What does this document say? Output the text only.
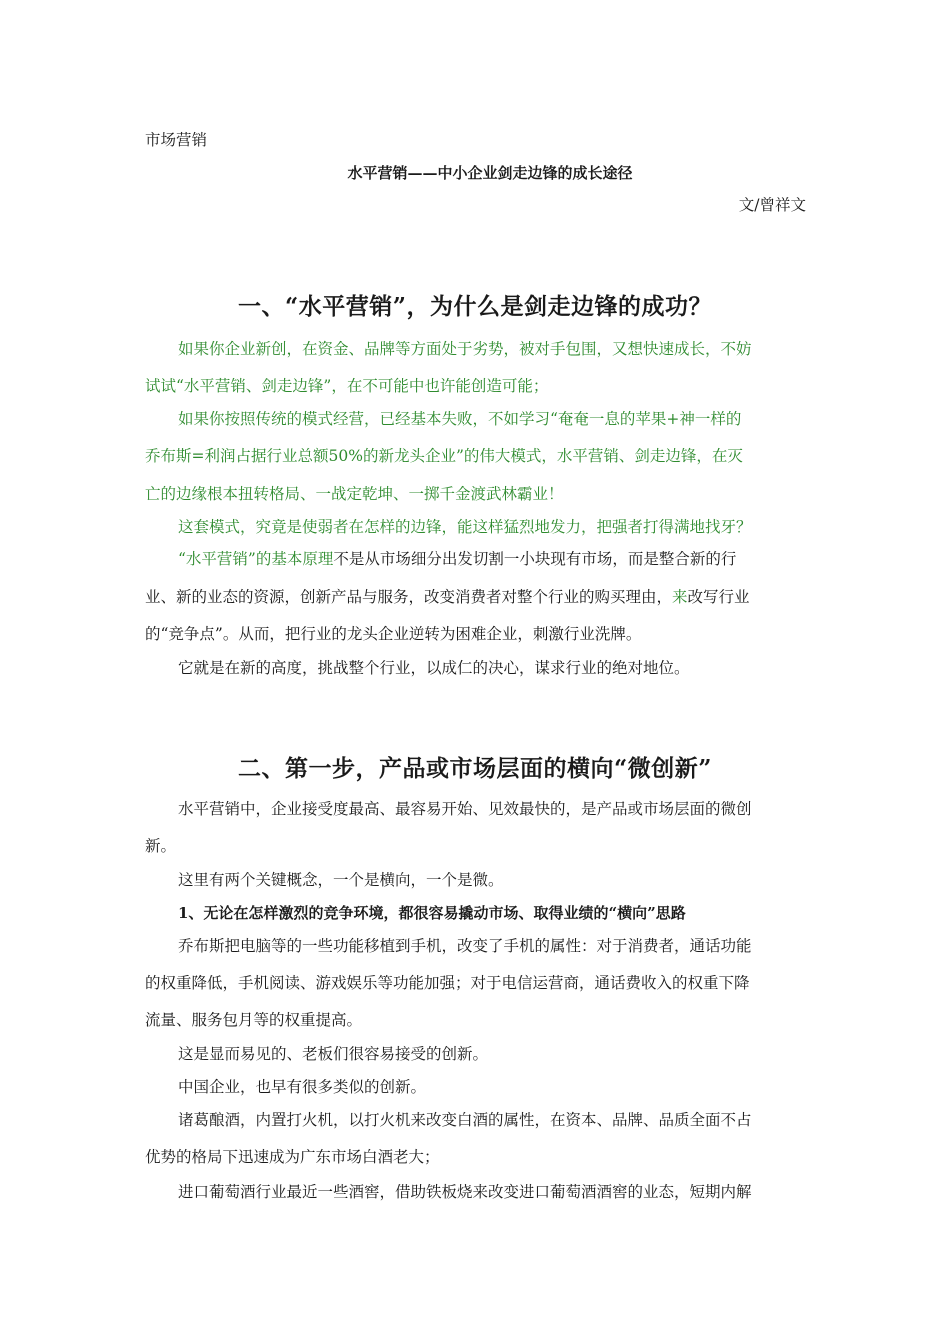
市场营销
水平营销——中小企业剑走边锋的成长途径
文/曾祥文
一、“水平营销”，为什么是剑走边锋的成功？
如果你企业新创，在资金、品牌等方面处于劣势，被对手包围，又想快速成长，不妨
试试“水平营销、剑走边锋”，在不可能中也许能创造可能；
如果你按照传统的模式经营，已经基本失败，不如学习“奄奄一息的苹果+神一样的
乔布斯=利润占据行业总额50%的新龙头企业”的伟大模式，水平营销、剑走边锋，在灭
亡的边缘根本扭转格局、一战定乾坤、一掷千金渡武林霸业！
这套模式，究竟是使弱者在怎样的边锋，能这样猛烈地发力，把强者打得满地找牙？
“水平营销”的基本原理不是从市场细分出发切割一小块现有市场，而是整合新的行
业、新的业态的资源，创新产品与服务，改变消费者对整个行业的购买理由，来改写行业
的“竞争点”。从而，把行业的龙头企业逆转为困难企业，刺激行业洗牌。
它就是在新的高度，挑战整个行业，以成仁的决心，谋求行业的绝对地位。
二、第一步，产品或市场层面的横向“微创新”
水平营销中，企业接受度最高、最容易开始、见效最快的，是产品或市场层面的微创
新。
这里有两个关键概念，一个是横向，一个是微。
1、无论在怎样激烈的竞争环境，都很容易撬动市场、取得业绩的“横向”思路
乔布斯把电脑等的一些功能移植到手机，改变了手机的属性：对于消费者，通话功能
的权重降低，手机阅读、游戏娱乐等功能加强；对于电信运营商，通话费收入的权重下降
流量、服务包月等的权重提高。
这是显而易见的、老板们很容易接受的创新。
中国企业，也早有很多类似的创新。
诸葛酿酒，内置打火机，以打火机来改变白酒的属性，在资本、品牌、品质全面不占
优势的格局下迅速成为广东市场白酒老大；
进口葡萄酒行业最近一些酒窖，借助铁板烧来改变进口葡萄酒酒窖的业态，短期内解
